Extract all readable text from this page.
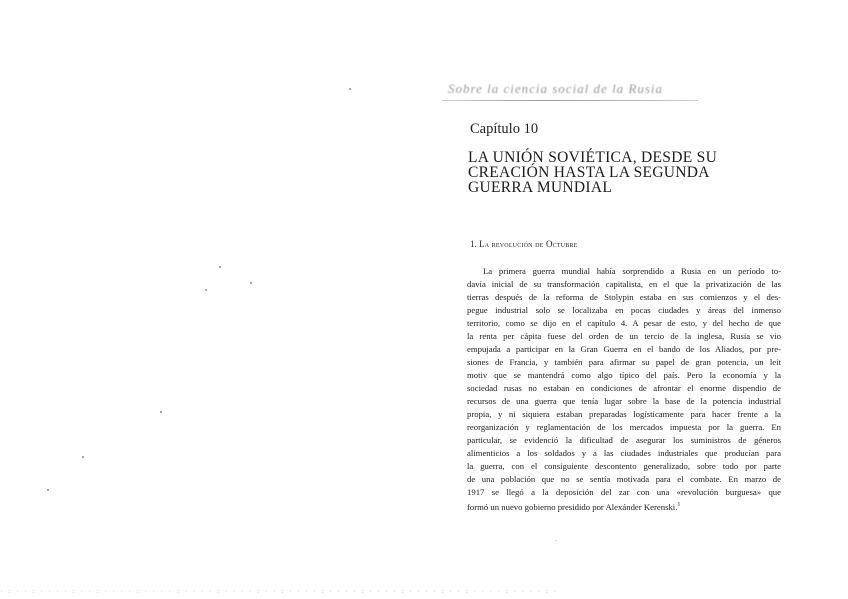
Sobre la ciencia social de la Rusia
Capítulo 10
LA UNIÓN SOVIÉTICA, DESDE SU
CREACIÓN HASTA LA SEGUNDA
GUERRA MUNDIAL
1. La revolución de Octubre
La primera guerra mundial había sorprendido a Rusia en un período to-
davía inicial de su transformación capitalista, en el que la privatización de las
tierras después de la reforma de Stolypin estaba en sus comienzos y el des-
pegue industrial solo se localizaba en pocas ciudades y áreas del inmenso
territorio, como se dijo en el capítulo 4. A pesar de esto, y del hecho de que
la renta per cápita fuese del orden de un tercio de la inglesa, Rusia se vio
empujada a participar en la Gran Guerra en el bando de los Aliados, por pre-
siones de Francia, y también para afirmar su papel de gran potencia, un leit
motiv que se mantendrá como algo típico del país. Pero la economía y la
sociedad rusas no estaban en condiciones de afrontar el enorme dispendio de
recursos de una guerra que tenía lugar sobre la base de la potencia industrial
propia, y ni siquiera estaban preparadas logísticamente para hacer frente a la
reorganización y reglamentación de los mercados impuesta por la guerra. En
particular, se evidenció la dificultad de asegurar los suministros de géneros
alimenticios a los soldados y a las ciudades industriales que producían para
la guerra, con el consiguiente descontento generalizado, sobre todo por parte
de una población que no se sentía motivada para el combate. En marzo de
1917 se llegó a la deposición del zar con una «revolución burguesa» que
formó un nuevo gobierno presidido por Alexánder Kerenski.$^1$
·
· : · · : · · · · : · · : · · · · : · · · · : · · · · : · · · · : · · : · · · · : · · · · : · · · · : · · · · : · · : · · · · : · · · · : ·
